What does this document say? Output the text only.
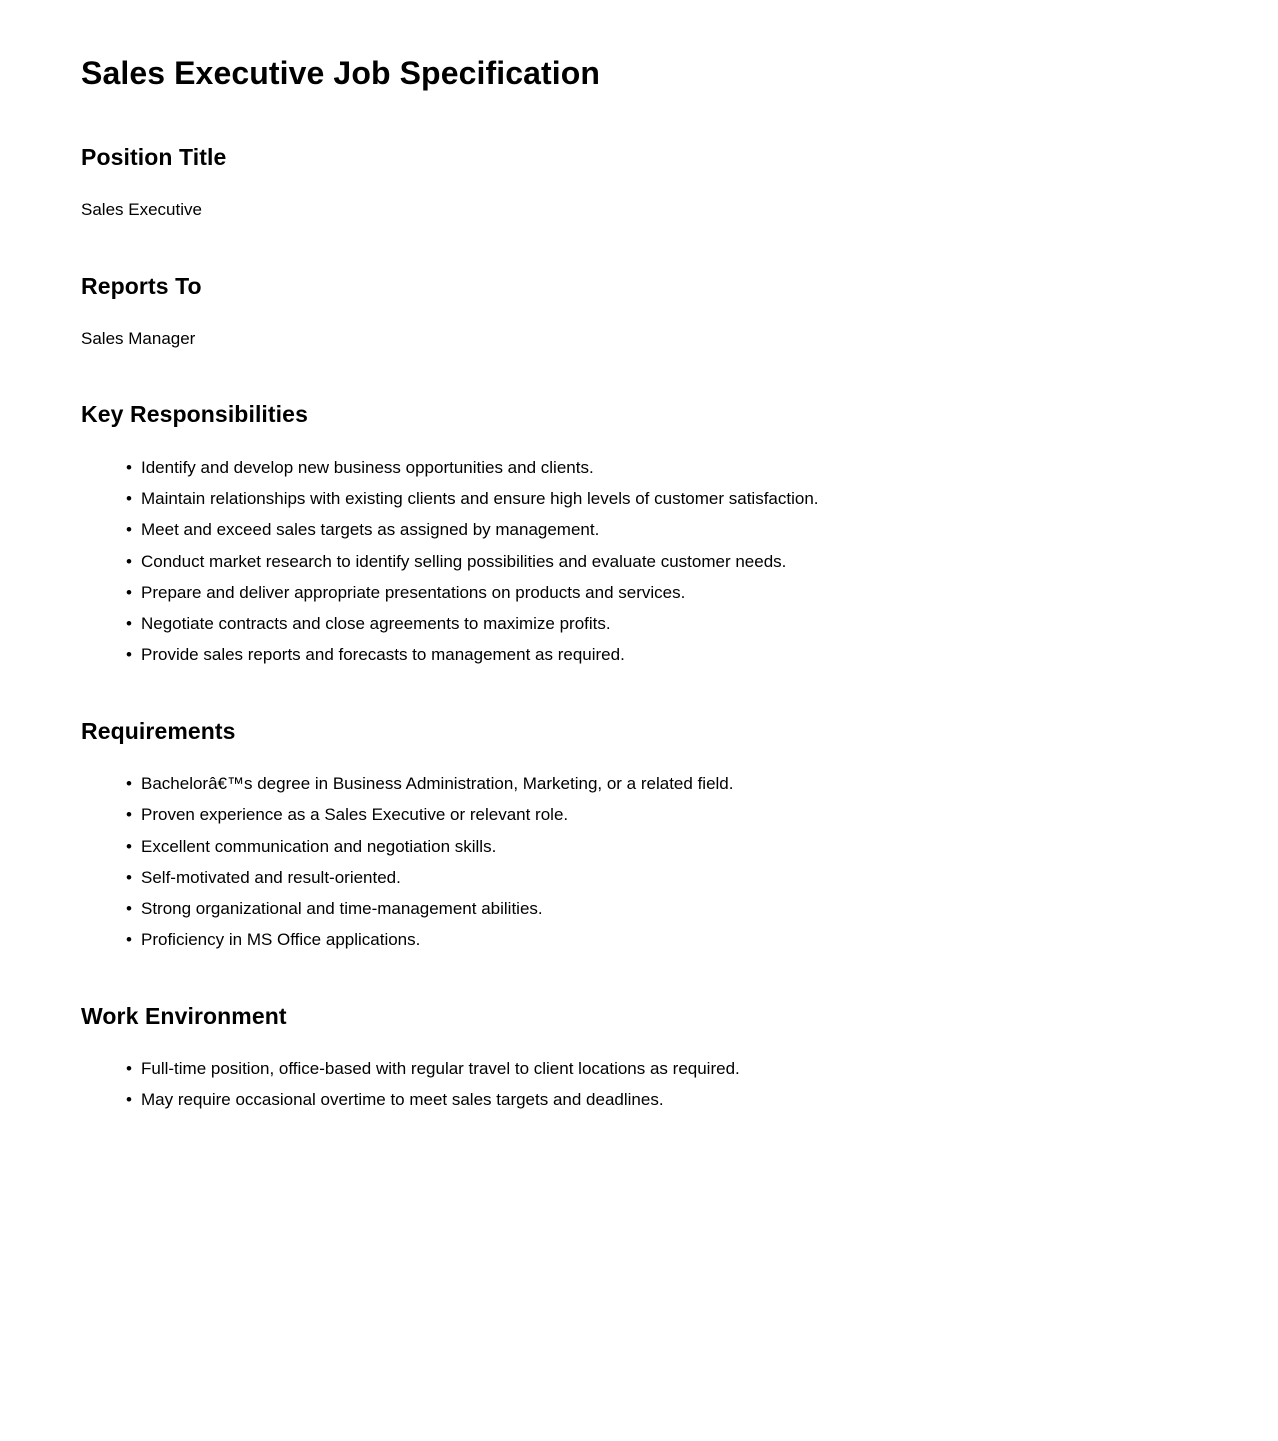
Sales Executive Job Specification
Position Title

Sales Executive

Reports To

Sales Manager

Key Responsibilities
• Identify and develop new business opportunities and clients.
• Maintain relationships with existing clients and ensure high levels of customer satisfaction.
• Meet and exceed sales targets as assigned by management.
• Conduct market research to identify selling possibilities and evaluate customer needs.
• Prepare and deliver appropriate presentations on products and services.
• Negotiate contracts and close agreements to maximize profits.
• Provide sales reports and forecasts to management as required.
Requirements
• Bachelorâ€™s degree in Business Administration, Marketing, or a related field.
• Proven experience as a Sales Executive or relevant role.
• Excellent communication and negotiation skills.
• Self-motivated and result-oriented.
• Strong organizational and time-management abilities.
• Proficiency in MS Office applications.
Work Environment
• Full-time position, office-based with regular travel to client locations as required.
• May require occasional overtime to meet sales targets and deadlines.
